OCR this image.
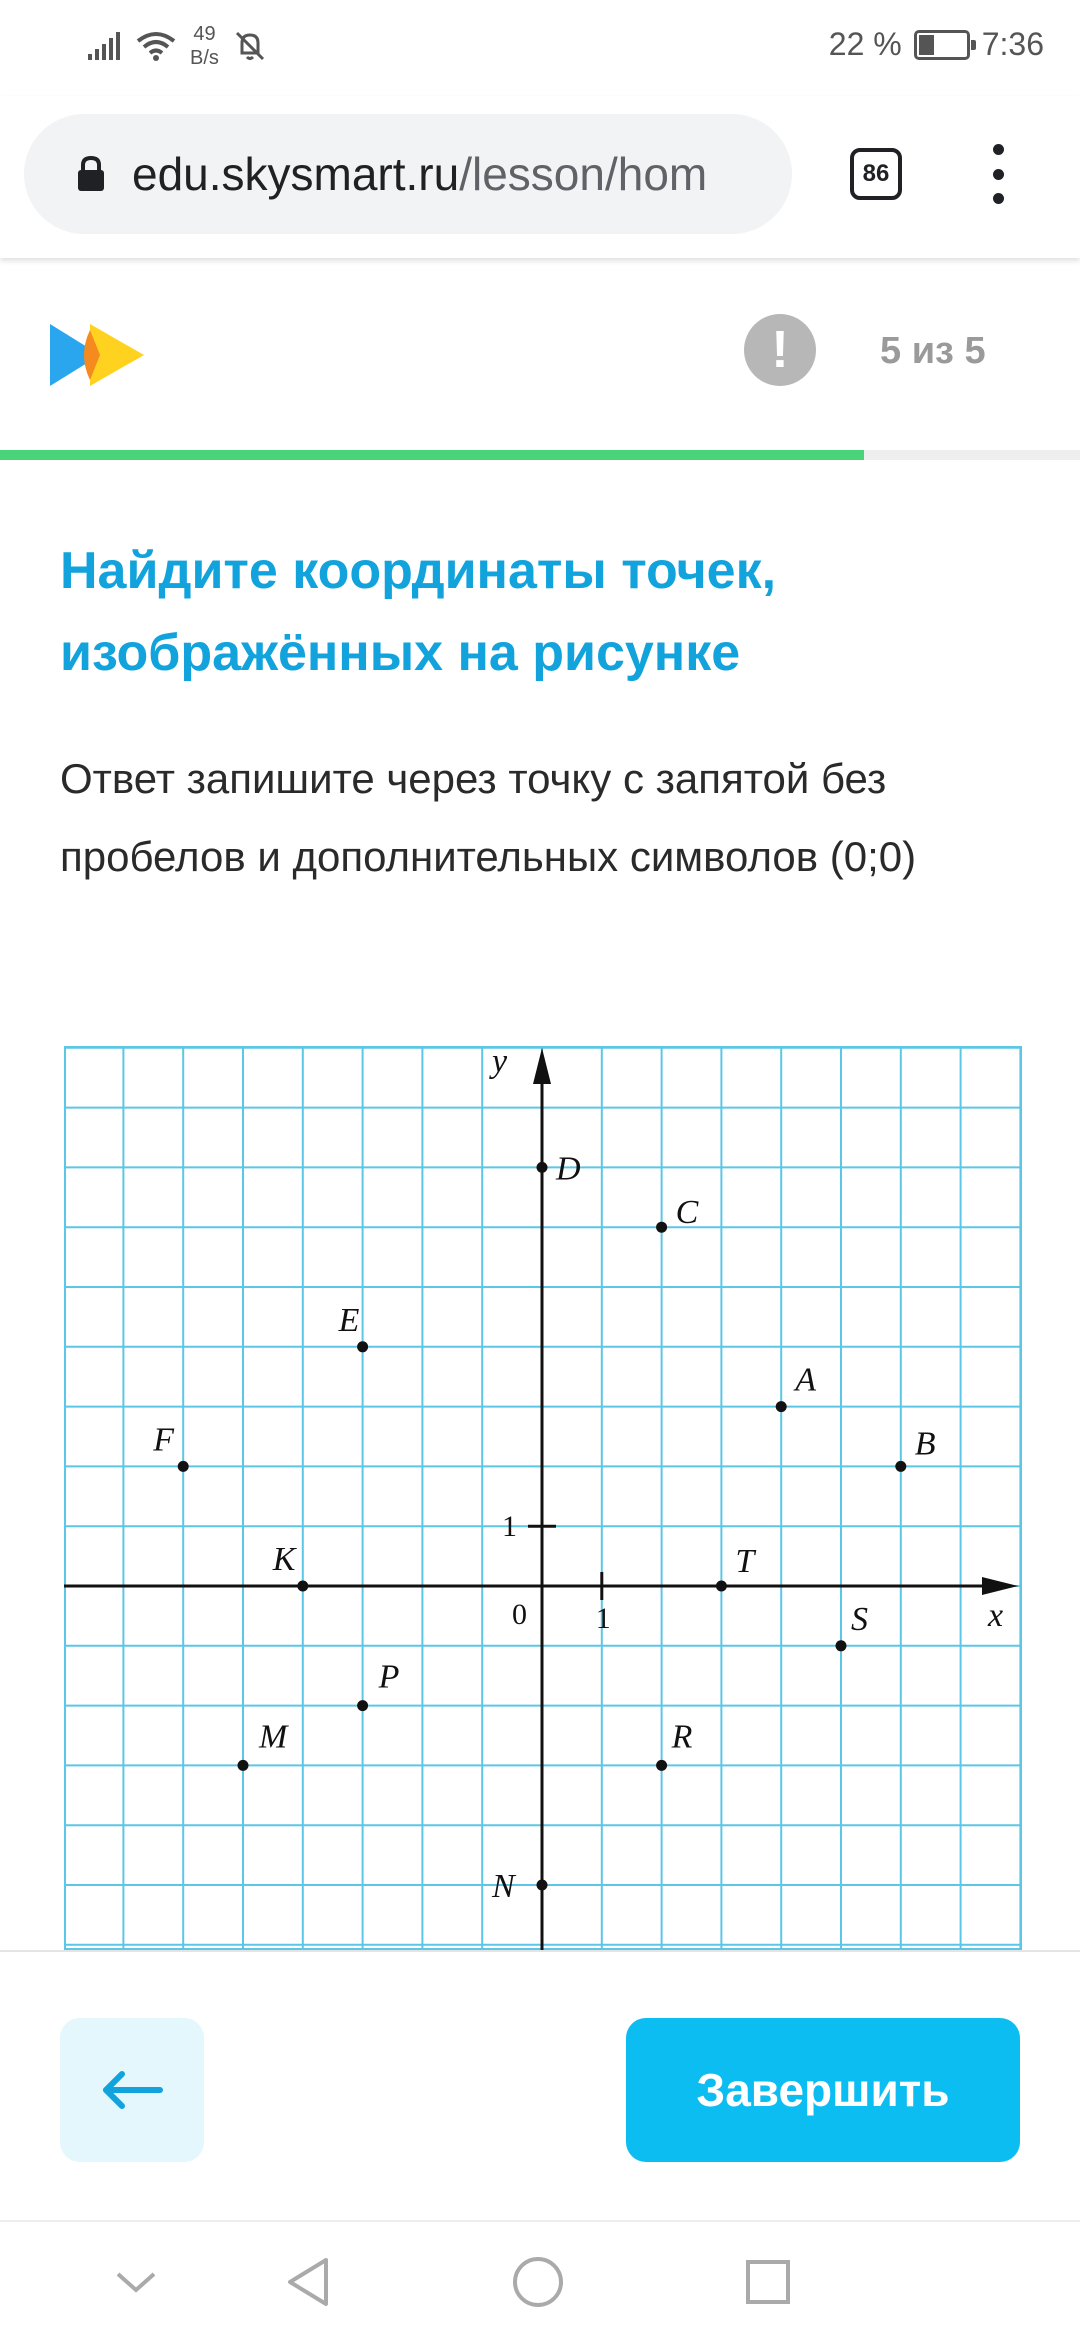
49
B/s	22 %	7:36
edu.skysmart.ru/lesson/hom	86
!	5 из 5
Найдите координаты точек, изображённых на рисунке
Ответ запишите через точку с запятой без пробелов и дополнительных символов (0;0)
x
y
0 1
1
D
C
E
A
F	B
K	T
S
P
M	R
N
Завершить
